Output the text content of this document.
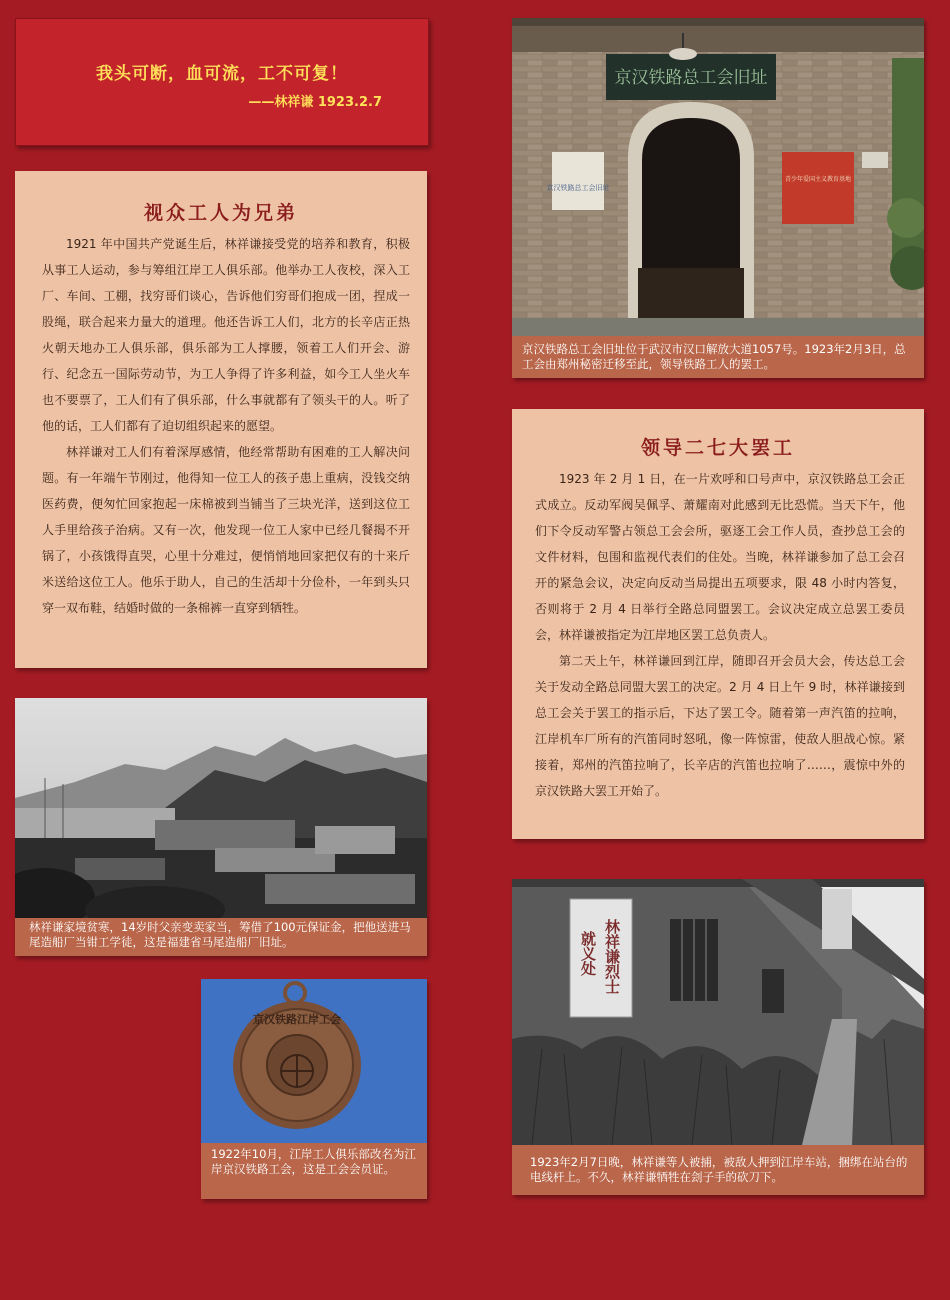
我头可断，血可流，工不可复！
——林祥谦 1923.2.7
视众工人为兄弟

1921 年中国共产党诞生后，林祥谦接受党的培养和教育，积极从事工人运动，参与筹组江岸工人俱乐部。他举办工人夜校，深入工厂、车间、工棚，找穷哥们谈心，告诉他们穷哥们抱成一团，捏成一股绳，联合起来力量大的道理。他还告诉工人们，北方的长辛店正热火朝天地办工人俱乐部，俱乐部为工人撑腰，领着工人们开会、游行、纪念五一国际劳动节，为工人争得了许多利益，如今工人坐火车也不要票了，工人们有了俱乐部，什么事就都有了领头干的人。听了他的话，工人们都有了迫切组织起来的愿望。

林祥谦对工人们有着深厚感情，他经常帮助有困难的工人解决问题。有一年端午节刚过，他得知一位工人的孩子患上重病，没钱交纳医药费，便匆忙回家抱起一床棉被到当铺当了三块光洋，送到这位工人手里给孩子治病。又有一次，他发现一位工人家中已经几餐揭不开锅了，小孩饿得直哭，心里十分难过，便悄悄地回家把仅有的十来斤米送给这位工人。他乐于助人，自己的生活却十分俭朴，一年到头只穿一双布鞋，结婚时做的一条棉裤一直穿到牺牲。

京汉铁路总工会旧址
京汉铁路总工会旧址
青少年爱国主义教育基地
京汉铁路总工会旧址位于武汉市汉口解放大道1057号。1923年2月3日，总工会由郑州秘密迁移至此，领导铁路工人的罢工。
领导二七大罢工

1923 年 2 月 1 日，在一片欢呼和口号声中，京汉铁路总工会正式成立。反动军阀吴佩孚、萧耀南对此感到无比恐慌。当天下午，他们下令反动军警占领总工会会所，驱逐工会工作人员，查抄总工会的文件材料，包围和监视代表们的住处。当晚，林祥谦参加了总工会召开的紧急会议，决定向反动当局提出五项要求，限 48 小时内答复，否则将于 2 月 4 日举行全路总同盟罢工。会议决定成立总罢工委员会，林祥谦被指定为江岸地区罢工总负责人。

第二天上午，林祥谦回到江岸，随即召开会员大会，传达总工会关于发动全路总同盟大罢工的决定。2 月 4 日上午 9 时，林祥谦接到总工会关于罢工的指示后，下达了罢工令。随着第一声汽笛的拉响，江岸机车厂所有的汽笛同时怒吼，像一阵惊雷，使敌人胆战心惊。紧接着，郑州的汽笛拉响了，长辛店的汽笛也拉响了……，震惊中外的京汉铁路大罢工开始了。

林祥谦家境贫寒，14岁时父亲变卖家当，筹借了100元保证金，把他送进马尾造船厂当钳工学徒，这是福建省马尾造船厂旧址。
京汉铁路江岸工会
1922年10月，江岸工人俱乐部改名为江岸京汉铁路工会，这是工会会员证。
林祥谦烈士
就义处
1923年2月7日晚，林祥谦等人被捕，被敌人押到江岸车站，捆绑在站台的电线杆上。不久，林祥谦牺牲在刽子手的砍刀下。
